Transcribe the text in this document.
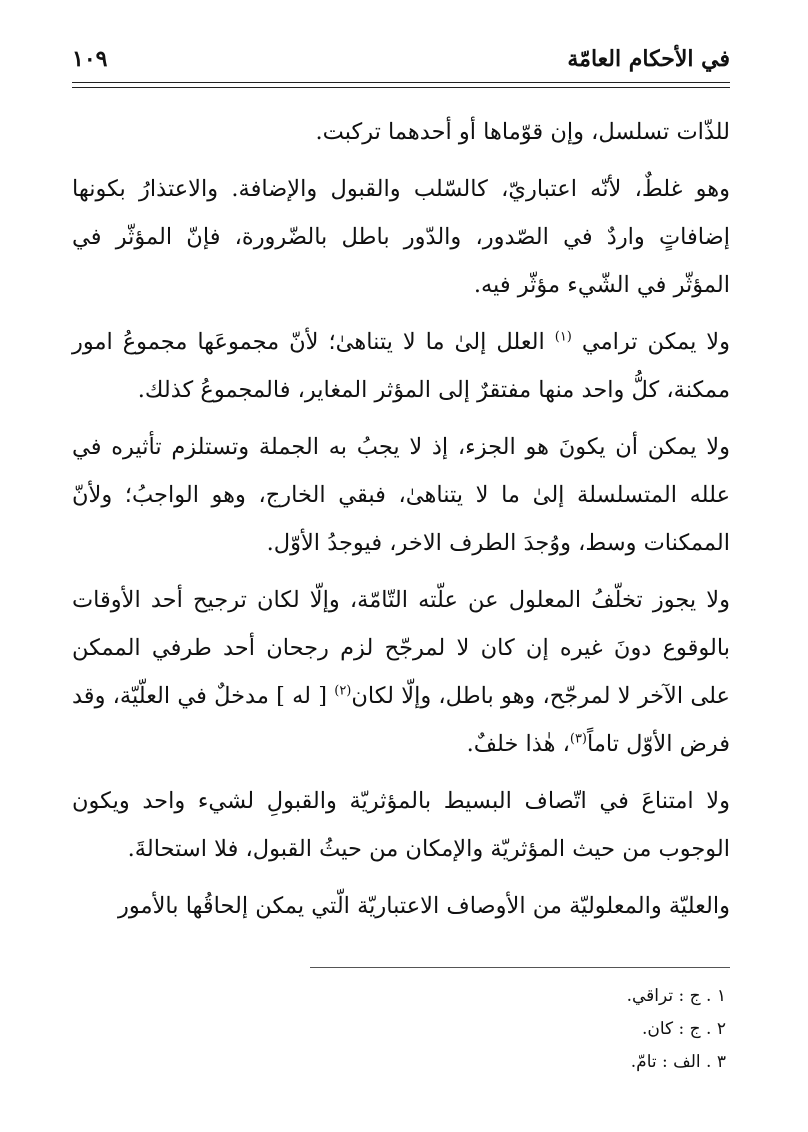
في الأحكام العامّة
١٠٩

للذّات تسلسل، وإن قوّماها أو أحدهما تركبت.

وهو غلطٌ، لأنّه اعتباريّ، كالسّلب والقبول والإضافة. والاعتذارُ بكونها إضافاتٍ واردٌ في الصّدور، والدّور باطل بالضّرورة، فإنّ المؤثّر في المؤثّر في الشّيء مؤثّر فيه.

ولا يمكن ترامي $^{(١)}$ العلل إلىٰ ما لا يتناهىٰ؛ لأنّ مجموعَها مجموعُ امور ممكنة، كلُّ واحد منها مفتقرٌ إلى المؤثر المغاير، فالمجموعُ كذلك.

ولا يمكن أن يكونَ هو الجزء، إذ لا يجبُ به الجملة وتستلزم تأثيره في علله المتسلسلة إلىٰ ما لا يتناهىٰ، فبقي الخارج، وهو الواجبُ؛ ولأنّ الممكنات وسط، ووُجدَ الطرف الاخر، فيوجدُ الأوّل.

ولا يجوز تخلّفُ المعلول عن علّته التّامّة، وإلّا لكان ترجيح أحد الأوقات بالوقوع دونَ غيره إن كان لا لمرجّح لزم رجحان أحد طرفي الممكن على الآخر لا لمرجّح، وهو باطل، وإلّا لكان$^{(٢)}$ [ له ] مدخلٌ في العلّيّة، وقد فرض الأوّل تاماً$^{(٣)}$، هٰذا خلفٌ.

ولا امتناعَ في اتّصاف البسيط بالمؤثريّة والقبولِ لشيء واحد ويكون الوجوب من حيث المؤثريّة والإمكان من حيثُ القبول، فلا استحالةَ.

والعليّة والمعلوليّة من الأوصاف الاعتباريّة الّتي يمكن إلحاقُها بالأمور

١ . ج : تراقي.
٢ . ج : كان.
٣ . الف : تامّ.
